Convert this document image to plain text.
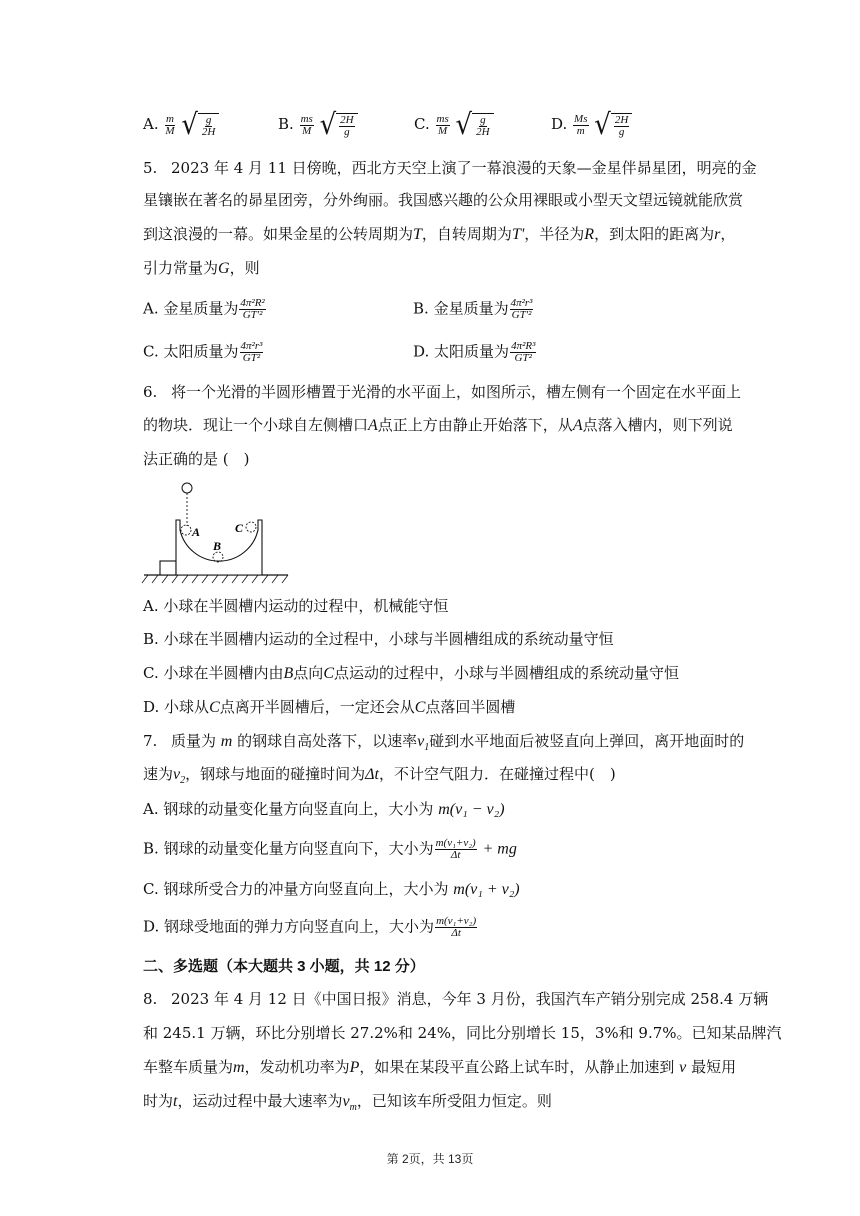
A. $\frac{m}{M}$
√ $\frac{g}{2H}$	B. $\frac{ms}{M}$
√ $\frac{2H}{g}$	C. $\frac{ms}{M}$
√ $\frac{g}{2H}$	D. $\frac{Ms}{m}$
√ $\frac{2H}{g}$
5. 2023 年 4 月 11 日傍晚，西北方天空上演了一幕浪漫的天象—金星伴昴星团，明亮的金
星镶嵌在著名的昴星团旁，分外绚丽。我国感兴趣的公众用裸眼或小型天文望远镜就能欣赏
到这浪漫的一幕。如果金星的公转周期为T，自转周期为T'，半径为R，到太阳的距离为r，
引力常量为G，则
A. 金星质量为 $\frac{\text{4π²R²}}{\text{GT'²}}$	B. 金星质量为 $\frac{\text{4π²r³}}{\text{GT'²}}$
C. 太阳质量为 $\frac{\text{4π²r³}}{\text{GT²}}$	D. 太阳质量为 $\frac{\text{4π²R³}}{\text{GT²}}$
6. 将一个光滑的半圆形槽置于光滑的水平面上，如图所示，槽左侧有一个固定在水平面上
的物块．现让一个小球自左侧槽口A点正上方由静止开始落下，从A点落入槽内，则下列说
法正确的是 (　)
A
B
C
A. 小球在半圆槽内运动的过程中，机械能守恒
B. 小球在半圆槽内运动的全过程中，小球与半圆槽组成的系统动量守恒
C. 小球在半圆槽内由B点向C点运动的过程中，小球与半圆槽组成的系统动量守恒
D. 小球从C点离开半圆槽后，一定还会从C点落回半圆槽
7. 质量为 m 的钢球自高处落下，以速率$v_1$碰到水平地面后被竖直向上弹回，离开地面时的
速为$v_2$，钢球与地面的碰撞时间为Δt，不计空气阻力．在碰撞过程中(　)
A. 钢球的动量变化量方向竖直向上，大小为 m(v₁ − v₂)
B. 钢球的动量变化量方向竖直向下，大小为 $\frac{\text{m(v₁+v₂)}}{\Delta t}$ + mg
C. 钢球所受合力的冲量方向竖直向上，大小为 m(v₁ + v₂)
D. 钢球受地面的弹力方向竖直向上，大小为 $\frac{\text{m(v₁+v₂)}}{\Delta t}$
二、多选题（本大题共 3 小题，共 12 分）
8. 2023 年 4 月 12 日《中国日报》消息，今年 3 月份，我国汽车产销分别完成 258.4 万辆
和 245.1 万辆，环比分别增长 27.2%和 24%，同比分别增长 15，3%和 9.7%。已知某品牌汽
车整车质量为m，发动机功率为P，如果在某段平直公路上试车时，从静止加速到 v 最短用
时为t，运动过程中最大速率为$v_m$，已知该车所受阻力恒定。则
第 2页，共 13页
